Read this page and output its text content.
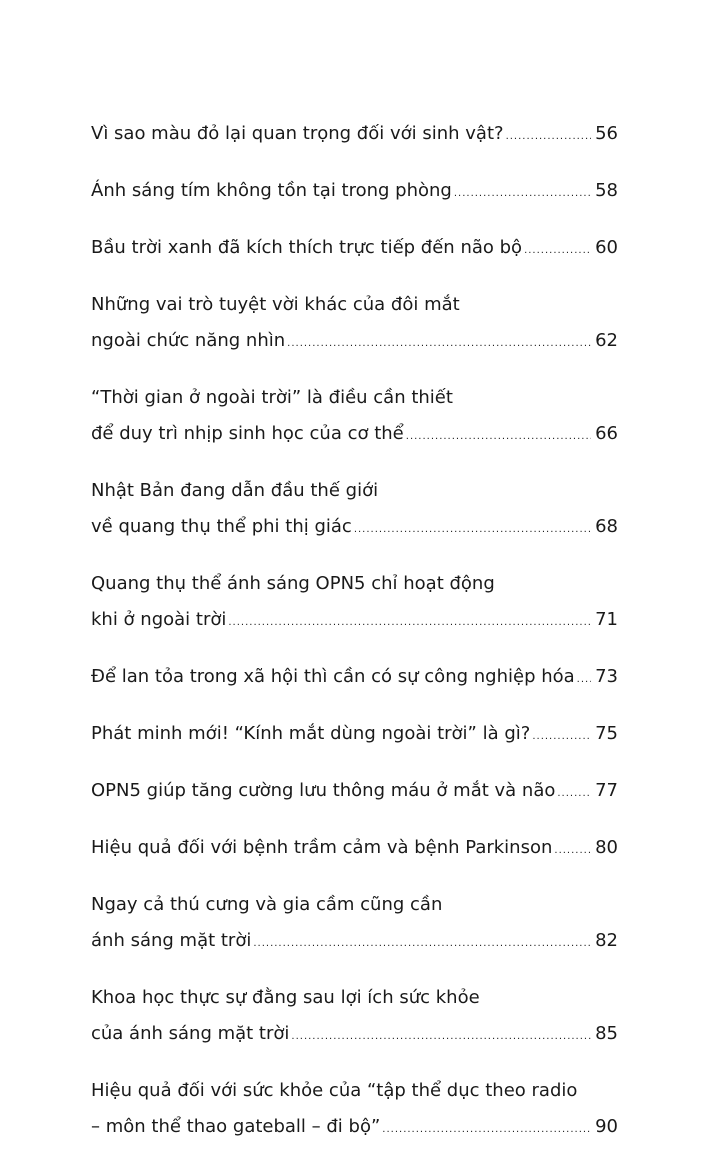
Vì sao màu đỏ lại quan trọng đối với sinh vật? .....	56
Ánh sáng tím không tồn tại trong phòng .....	58
Bầu trời xanh đã kích thích trực tiếp đến não bộ .....	60
Những vai trò tuyệt vời khác của đôi mắt
ngoài chức năng nhìn .....	62
“Thời gian ở ngoài trời” là điều cần thiết
để duy trì nhịp sinh học của cơ thể .....	66
Nhật Bản đang dẫn đầu thế giới
về quang thụ thể phi thị giác .....	68
Quang thụ thể ánh sáng OPN5 chỉ hoạt động
khi ở ngoài trời .....	71
Để lan tỏa trong xã hội thì cần có sự công nghiệp hóa ..... 73
Phát minh mới! “Kính mắt dùng ngoài trời” là gì? .....	75
OPN5 giúp tăng cường lưu thông máu ở mắt và não ..... 77
Hiệu quả đối với bệnh trầm cảm và bệnh Parkinson ..... 80
Ngay cả thú cưng và gia cầm cũng cần
ánh sáng mặt trời .....	82
Khoa học thực sự đằng sau lợi ích sức khỏe
của ánh sáng mặt trời .....	85
Hiệu quả đối với sức khỏe của “tập thể dục theo radio
– môn thể thao gateball – đi bộ” .....	90
